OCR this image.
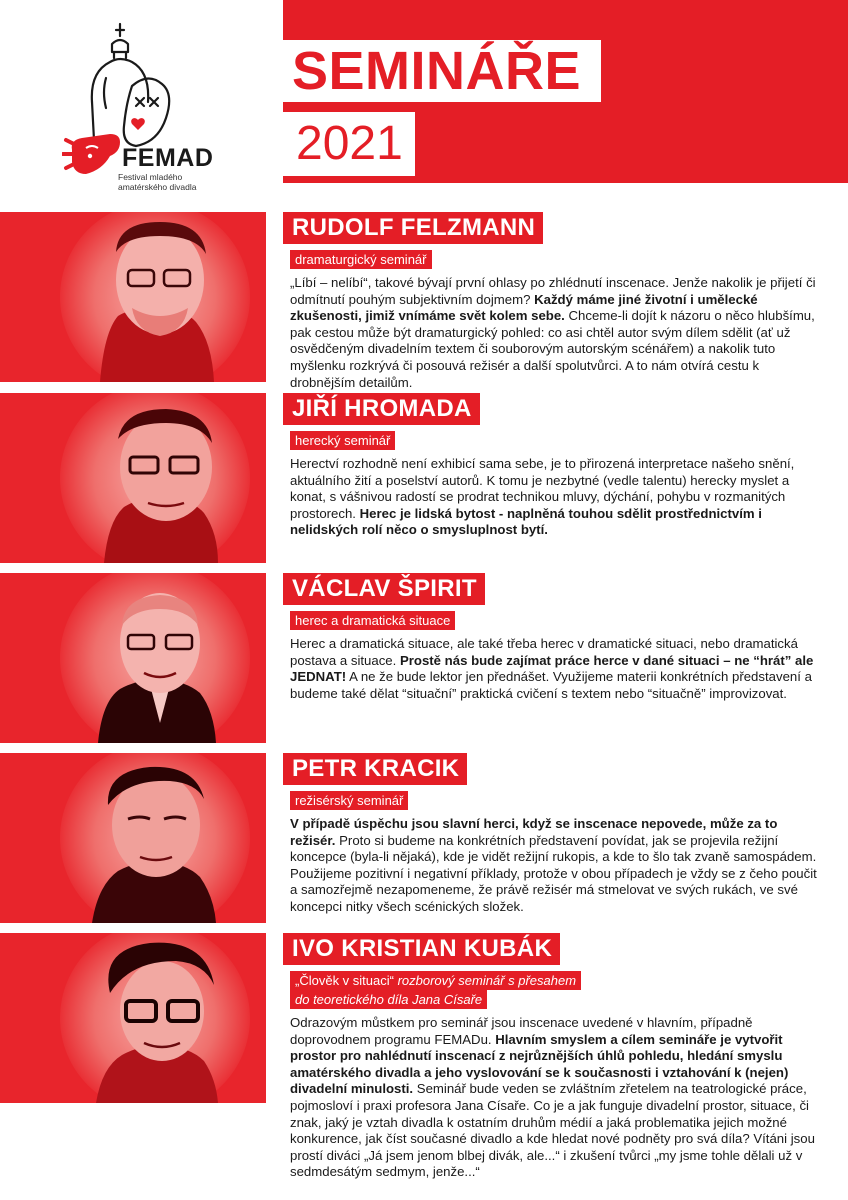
SEMINÁŘE
2021
FEMAD
Festival mladého
amatérského divadla
RUDOLF FELZMANN
dramaturgický seminář
„Líbí – nelíbí“, takové bývají první ohlasy po zhlédnutí inscenace. Jenže nakolik je přijetí či odmítnutí pouhým subjektivním dojmem? Každý máme jiné životní i umělecké zkušenosti, jimiž vnímáme svět kolem sebe. Chceme-li dojít k názoru o něco hlubšímu, pak cestou může být dramaturgický pohled: co asi chtěl autor svým dílem sdělit (ať už osvědčeným divadelním textem či souborovým autorským scénářem) a nakolik tuto myšlenku rozkrývá či posouvá režisér a další spolutvůrci. A to nám otvírá cestu k drobnějším detailům.
JIŘÍ HROMADA
herecký seminář
Herectví rozhodně není exhibicí sama sebe, je to přirozená interpretace našeho snění, aktuálního žití a poselství autorů. K tomu je nezbytné (vedle talentu) herecky myslet a konat, s vášnivou radostí se prodrat technikou mluvy, dýchání, pohybu v rozmanitých prostorech. Herec je lidská bytost - naplněná touhou sdělit prostřednictvím i nelidských rolí něco o smysluplnost bytí.
VÁCLAV ŠPIRIT
herec a dramatická situace
Herec a dramatická situace, ale také třeba herec v dramatické situaci, nebo dramatická postava a situace. Prostě nás bude zajímat práce herce v dané situaci – ne “hrát” ale JEDNAT! A ne že bude lektor jen přednášet. Využijeme materii konkrétních představení a budeme také dělat “situační” praktická cvičení s textem nebo “situačně” improvizovat.
PETR KRACIK
režisérský seminář
V případě úspěchu jsou slavní herci, když se inscenace nepovede, může za to režisér. Proto si budeme na konkrétních představení povídat, jak se projevila režijní koncepce (byla-li nějaká), kde je vidět režijní rukopis, a kde to šlo tak zvaně samospádem. Použijeme pozitivní i negativní příklady, protože v obou případech je vždy se z čeho poučit a samozřejmě nezapomeneme, že právě režisér má stmelovat ve svých rukách, ve své koncepci nitky všech scénických složek.
IVO KRISTIAN KUBÁK
„Člověk v situaci“ rozborový seminář s přesahem
do teoretického díla Jana Císaře
Odrazovým můstkem pro seminář jsou inscenace uvedené v hlavním, případně doprovodnem programu FEMADu. Hlavním smyslem a cílem semináře je vytvořit prostor pro nahlédnutí inscenací z nejrůznějších úhlů pohledu, hledání smyslu amatérského divadla a jeho vyslovování se k současnosti i vztahování k (nejen) divadelní minulosti. Seminář bude veden se zvláštním zřetelem na teatrologické práce, pojmosloví i praxi profesora Jana Císaře. Co je a jak funguje divadelní prostor, situace, či znak, jaký je vztah divadla k ostatním druhům médií a jaká problematika jejich možné konkurence, jak číst současné divadlo a kde hledat nové podněty pro svá díla? Vítáni jsou prostí diváci „Já jsem jenom blbej divák, ale...“ i zkušení tvůrci „my jsme tohle dělali už v sedmdesátým sedmym, jenže...“
